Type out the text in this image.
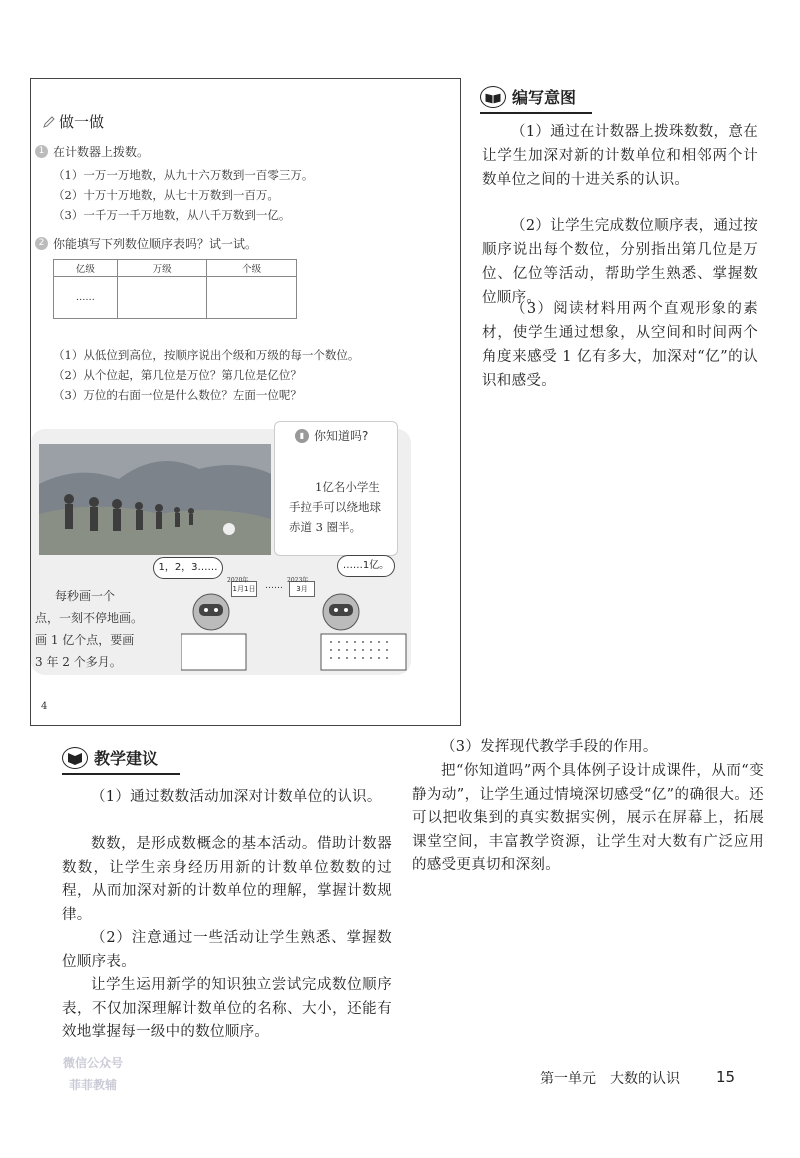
做一做
1 在计数器上拨数。
（1）一万一万地数，从九十六万数到一百零三万。
（2）十万十万地数，从七十万数到一百万。
（3）一千万一千万地数，从八千万数到一亿。
2 你能填写下列数位顺序表吗？试一试。
亿级	万级	个级
……		
（1）从低位到高位，按顺序说出个级和万级的每一个数位。
（2）从个位起，第几位是万位？第几位是亿位？
（3）万位的右面一位是什么数位？左面一位呢？
▮ 你知道吗?
1亿名小学生
手拉手可以绕地球
赤道 3 圈半。
1，2，3……	……1亿。
1月1日
2020年
……	3月
2023年
每秒画一个
点，一刻不停地画。
画 1 亿个点，要画
3 年 2 个多月。
4
编写意图
（1）通过在计数器上拨珠数数，意在让学生加深对新的计数单位和相邻两个计数单位之间的十进关系的认识。
（2）让学生完成数位顺序表，通过按顺序说出每个数位，分别指出第几位是万位、亿位等活动，帮助学生熟悉、掌握数位顺序。
（3）阅读材料用两个直观形象的素材，使学生通过想象，从空间和时间两个角度来感受 1 亿有多大，加深对“亿”的认识和感受。
教学建议
（1）通过数数活动加深对计数单位的认识。
数数，是形成数概念的基本活动。借助计数器数数，让学生亲身经历用新的计数单位数数的过程，从而加深对新的计数单位的理解，掌握计数规律。
（2）注意通过一些活动让学生熟悉、掌握数位顺序表。
让学生运用新学的知识独立尝试完成数位顺序表，不仅加深理解计数单位的名称、大小，还能有效地掌握每一级中的数位顺序。
（3）发挥现代教学手段的作用。
把“你知道吗”两个具体例子设计成课件，从而“变静为动”，让学生通过情境深切感受“亿”的确很大。还可以把收集到的真实数据实例，展示在屏幕上，拓展课堂空间，丰富教学资源，让学生对大数有广泛应用的感受更真切和深刻。
微信公众号
菲菲教辅	第一单元　大数的认识 15
